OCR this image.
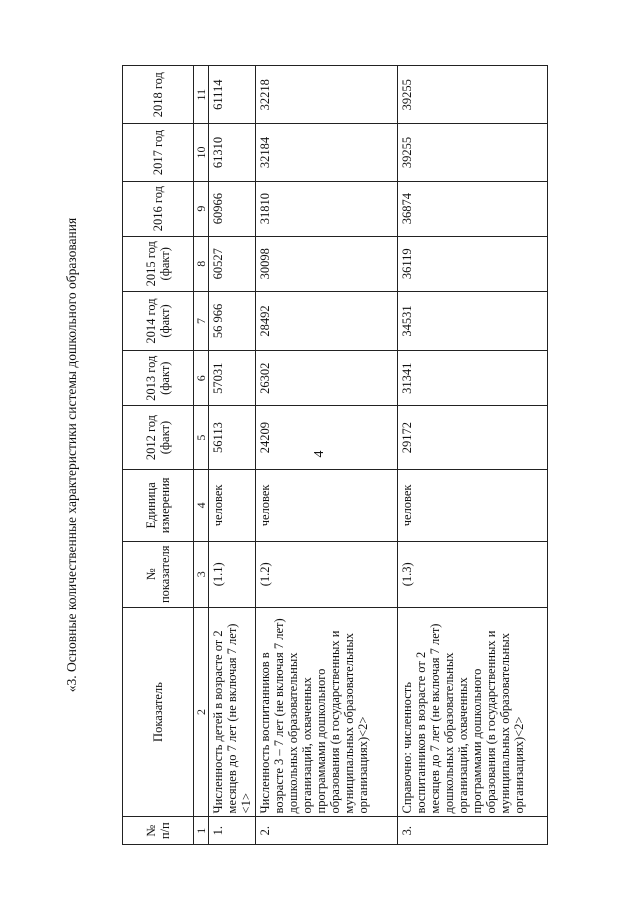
4
«3. Основные количественные характеристики системы дошкольного образования
№ п/п	Показатель	№ показателя	Единица измерения	2012 год (факт)	2013 год (факт)	2014 год (факт)	2015 год (факт)	2016 год	2017 год	2018 год
1	2	3	4	5	6	7	8	9	10	11
1.	Численность детей в возрасте от 2 месяцев до 7 лет (не включая 7 лет)<1>	(1.1)	человек	56113	57031	56 966	60527	60966	61310	61114
2.	Численность воспитанников в возрасте 3 – 7 лет (не включая 7 лет) дошкольных образовательных организаций, охваченных программами дошкольного образования (в государственных и муниципальных образовательных организациях)<2>	(1.2)	человек	24209	26302	28492	30098	31810	32184	32218
3.	Справочно: численность воспитанников в возрасте от 2 месяцев до 7 лет (не включая 7 лет) дошкольных образовательных организаций, охваченных программами дошкольного образования (в государственных и муниципальных образовательных организациях)<2>	(1.3)	человек	29172	31341	34531	36119	36874	39255	39255
